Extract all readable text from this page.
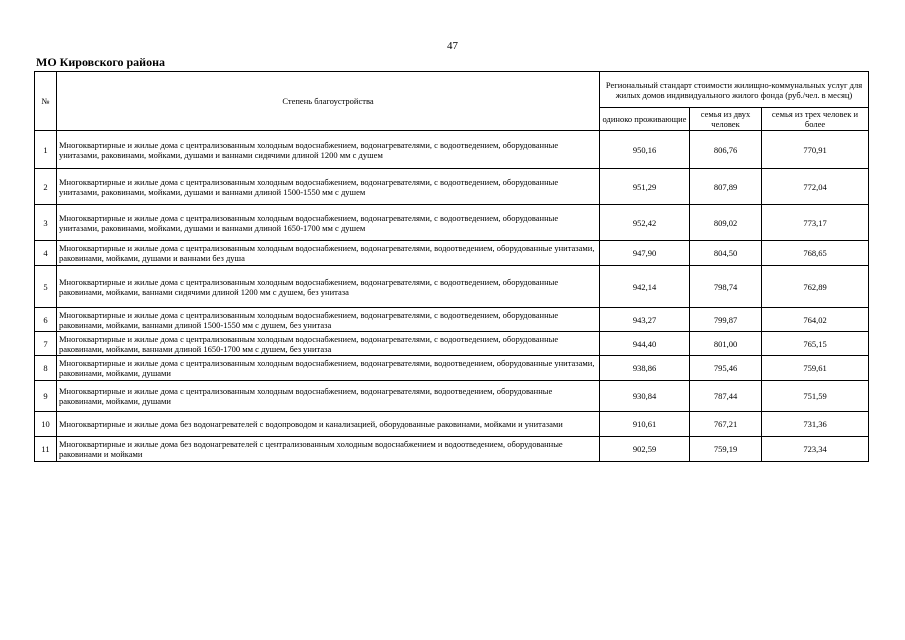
47
МО Кировского района
№	Степень благоустройства	Региональный стандарт стоимости жилищно-коммунальных услуг для жилых домов индивидуального жилого фонда (руб./чел. в месяц)		
		одиноко проживающие	семья из двух человек	семья из трех человек и более
1	Многоквартирные и жилые дома с централизованным холодным водоснабжением, водонагревателями, с водоотведением, оборудованные унитазами, раковинами, мойками, душами и ваннами сидячими длиной 1200 мм с душем	950,16	806,76	770,91
2	Многоквартирные и жилые дома с централизованным холодным водоснабжением, водонагревателями, с водоотведением, оборудованные унитазами, раковинами, мойками, душами и ваннами длиной 1500-1550 мм с душем	951,29	807,89	772,04
3	Многоквартирные и жилые дома с централизованным холодным водоснабжением, водонагревателями, с водоотведением, оборудованные унитазами, раковинами, мойками, душами и ваннами длиной 1650-1700 мм с душем	952,42	809,02	773,17
4	Многоквартирные и жилые дома с централизованным холодным водоснабжением, водонагревателями, водоотведением, оборудованные унитазами, раковинами, мойками, душами и ваннами без душа	947,90	804,50	768,65
5	Многоквартирные и жилые дома с централизованным холодным водоснабжением, водонагревателями, с водоотведением, оборудованные раковинами, мойками, ваннами сидячими длиной 1200 мм с душем, без унитаза	942,14	798,74	762,89
6	Многоквартирные и жилые дома с централизованным холодным водоснабжением, водонагревателями, с водоотведением, оборудованные раковинами, мойками, ваннами длиной 1500-1550 мм с душем, без унитаза	943,27	799,87	764,02
7	Многоквартирные и жилые дома с централизованным холодным водоснабжением, водонагревателями, с водоотведением, оборудованные раковинами, мойками, ваннами длиной 1650-1700 мм с душем, без унитаза	944,40	801,00	765,15
8	Многоквартирные и жилые дома с централизованным холодным водоснабжением, водонагревателями, водоотведением, оборудованные унитазами, раковинами, мойками, душами	938,86	795,46	759,61
9	Многоквартирные и жилые дома с централизованным холодным водоснабжением, водонагревателями, водоотведением, оборудованные раковинами, мойками, душами	930,84	787,44	751,59
10	Многоквартирные и жилые дома без водонагревателей с водопроводом и канализацией, оборудованные раковинами, мойками и унитазами	910,61	767,21	731,36
11	Многоквартирные и жилые дома без водонагревателей с централизованным холодным водоснабжением и водоотведением, оборудованные раковинами и мойками	902,59	759,19	723,34
